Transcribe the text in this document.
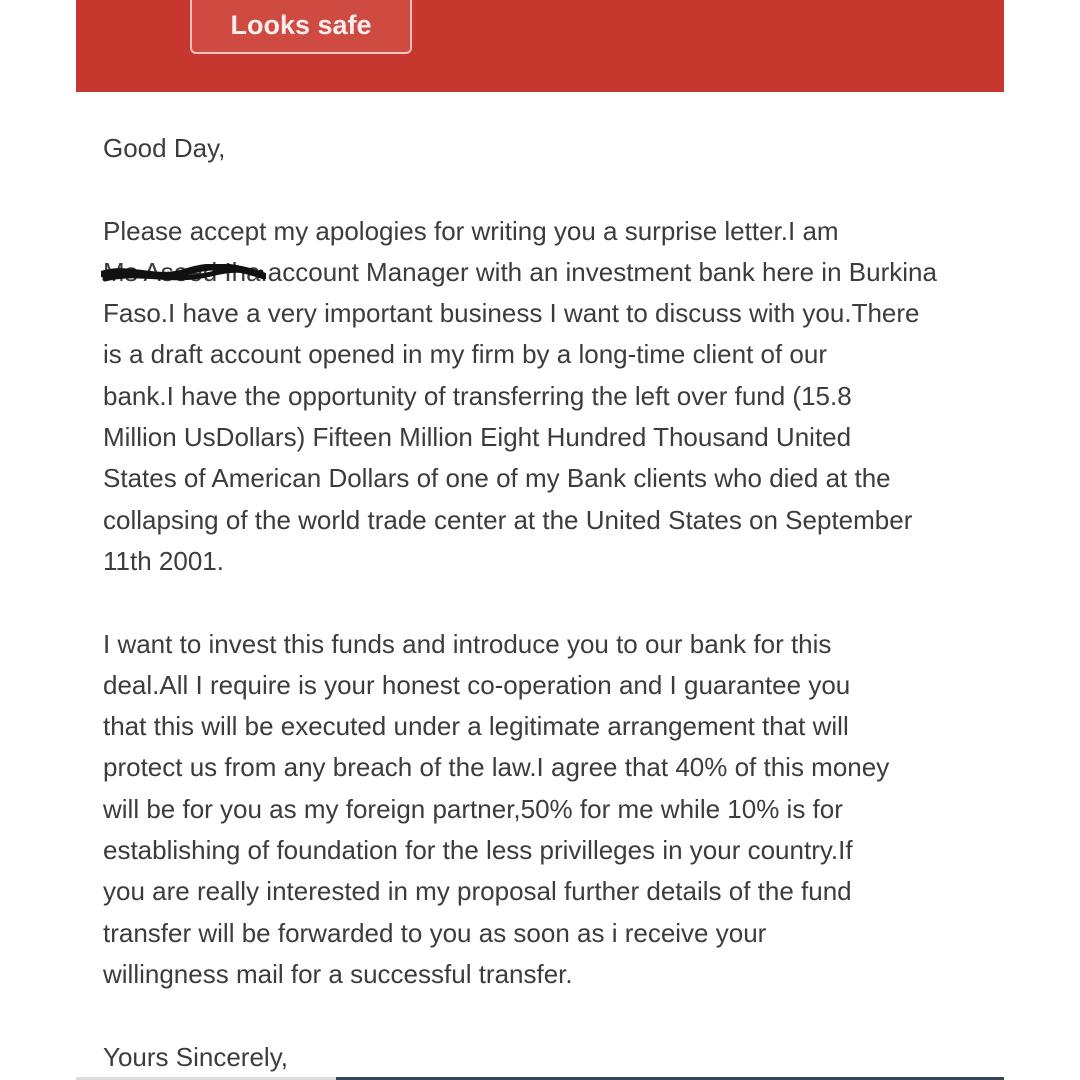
Looks safe

Good Day,

Please accept my apologies for writing you a surprise letter.I am

Ms Aseed Iha
.account Manager with an investment bank here in Burkina

Faso.I have a very important business I want to discuss with you.There

is a draft account opened in my firm by a long-time client of our

bank.I have the opportunity of transferring the left over fund (15.8

Million UsDollars) Fifteen Million Eight Hundred Thousand United

States of American Dollars of one of my Bank clients who died at the

collapsing of the world trade center at the United States on September

11th 2001.

I want to invest this funds and introduce you to our bank for this

deal.All I require is your honest co-operation and I guarantee you

that this will be executed under a legitimate arrangement that will

protect us from any breach of the law.I agree that 40% of this money

will be for you as my foreign partner,50% for me while 10% is for

establishing of foundation for the less privilleges in your country.If

you are really interested in my proposal further details of the fund

transfer will be forwarded to you as soon as i receive your

willingness mail for a successful transfer.

Yours Sincerely,
